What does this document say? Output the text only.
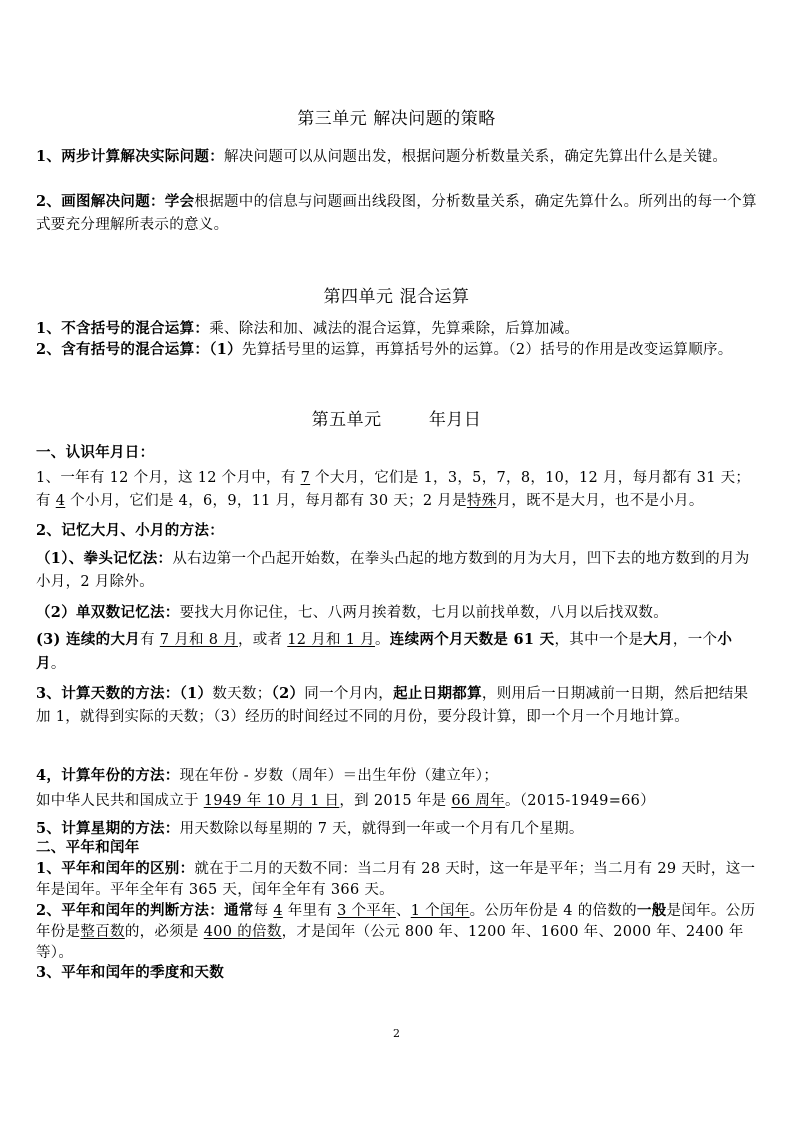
第三单元 解决问题的策略
1、两步计算解决实际问题：解决问题可以从问题出发，根据问题分析数量关系，确定先算出什么是关键。
2、画图解决问题：学会根据题中的信息与问题画出线段图，分析数量关系，确定先算什么。所列出的每一个算式要充分理解所表示的意义。
第四单元 混合运算
1、不含括号的混合运算：乘、除法和加、减法的混合运算，先算乘除，后算加减。
2、含有括号的混合运算：（1）先算括号里的运算，再算括号外的运算。（2）括号的作用是改变运算顺序。
第五单元        年月日
一、认识年月日：
1、一年有 12 个月，这 12 个月中，有 7 个大月，它们是 1，3，5，7，8，10，12 月，每月都有 31 天；有 4 个小月，它们是 4，6，9，11 月，每月都有 30 天；2 月是特殊月，既不是大月，也不是小月。
2、记忆大月、小月的方法：
（1）、拳头记忆法：从右边第一个凸起开始数，在拳头凸起的地方数到的月为大月，凹下去的地方数到的月为小月，2 月除外。
（2）单双数记忆法：要找大月你记住，七、八两月挨着数，七月以前找单数，八月以后找双数。
(3) 连续的大月有 7 月和 8 月，或者 12 月和 1 月。连续两个月天数是 61 天，其中一个是大月，一个小月。
3、计算天数的方法：（1）数天数；（2）同一个月内，起止日期都算，则用后一日期减前一日期，然后把结果加 1，就得到实际的天数；（3）经历的时间经过不同的月份，要分段计算，即一个月一个月地计算。
4，计算年份的方法：现在年份 - 岁数（周年）＝出生年份（建立年）；
如中华人民共和国成立于 1949 年 10 月 1 日，到 2015 年是 66 周年。（2015-1949=66）
5、计算星期的方法：用天数除以每星期的 7 天，就得到一年或一个月有几个星期。
二、平年和闰年
1、平年和闰年的区别：就在于二月的天数不同：当二月有 28 天时，这一年是平年；当二月有 29 天时，这一年是闰年。平年全年有 365 天，闰年全年有 366 天。
2、平年和闰年的判断方法：通常每 4 年里有 3 个平年、1 个闰年。公历年份是 4 的倍数的一般是闰年。公历年份是整百数的，必须是 400 的倍数，才是闰年（公元 800 年、1200 年、1600 年、2000 年、2400 年等）。
3、平年和闰年的季度和天数
2
